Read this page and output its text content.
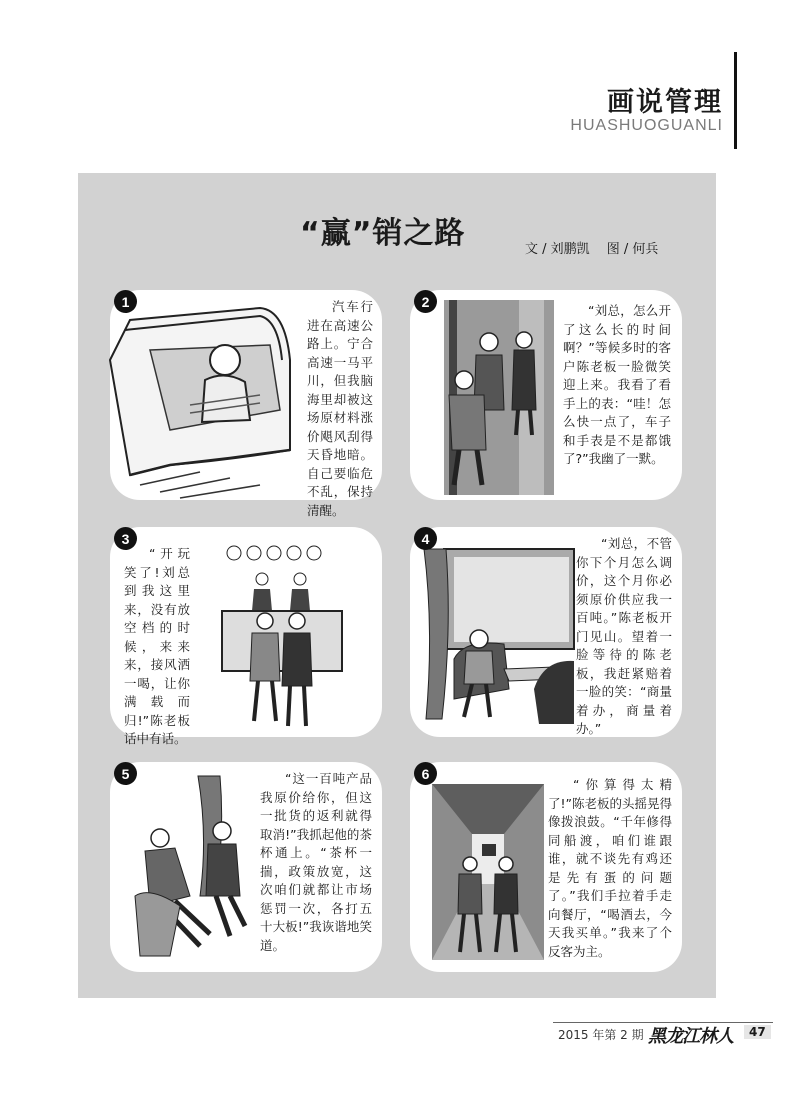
画说管理
HUASHUOGUANLI
“赢”销之路	文 / 刘鹏凯　 图 / 何兵
1	汽车行进在高速公路上。宁合高速一马平川，但我脑海里却被这场原材料涨价飓风刮得天昏地暗。自己要临危不乱，保持清醒。
2
“刘总，怎么开了这么长的时间啊？”等候多时的客户陈老板一脸微笑迎上来。我看了看手上的表：“哇！怎么快一点了，车子和手表是不是都饿了?”我幽了一默。
3
“开玩笑了!刘总到我这里来，没有放空档的时候，来来来，接风洒一喝，让你满载而归!”陈老板话中有话。
4	“刘总，不管你下个月怎么调价，这个月你必须原价供应我一百吨。”陈老板开门见山。望着一脸等待的陈老板，我赶紧赔着一脸的笑：“商量着办，商量着办。”
5	“这一百吨产品我原价给你，但这一批货的返利就得取消!”我抓起他的茶杯通上。“茶杯一揣，政策放宽，这次咱们就都让市场惩罚一次，各打五十大板!”我诙谐地笑道。
6
“你算得太精了!”陈老板的头摇晃得像拨浪鼓。“千年修得同船渡，咱们谁跟谁，就不谈先有鸡还是先有蛋的问题了。”我们手拉着手走向餐厅，“喝酒去，今天我买单。”我来了个反客为主。
2015 年第 2 期 黑龙江林人	47
